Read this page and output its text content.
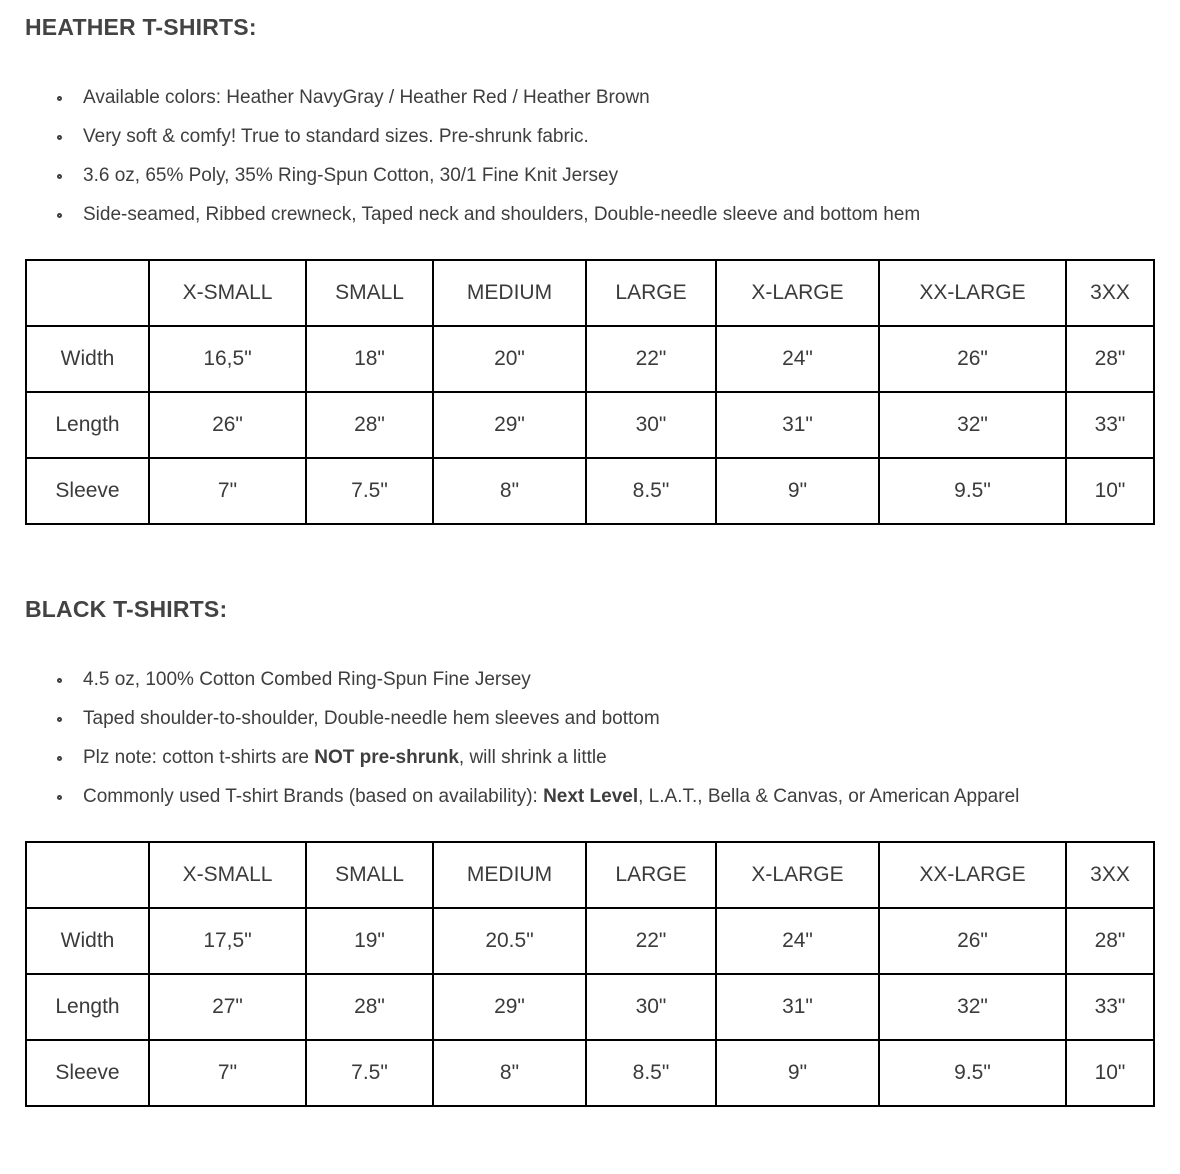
HEATHER T-SHIRTS:
Available colors: Heather NavyGray / Heather Red / Heather Brown
Very soft & comfy! True to standard sizes. Pre-shrunk fabric.
3.6 oz, 65% Poly, 35% Ring-Spun Cotton, 30/1 Fine Knit Jersey
Side-seamed, Ribbed crewneck, Taped neck and shoulders, Double-needle sleeve and bottom hem
	X-SMALL	SMALL	MEDIUM	LARGE	X-LARGE	XX-LARGE	3XX
Width	16,5"	18"	20"	22"	24"	26"	28"
Length	26"	28"	29"	30"	31"	32"	33"
Sleeve	7"	7.5"	8"	8.5"	9"	9.5"	10"
BLACK T-SHIRTS:
4.5 oz, 100% Cotton Combed Ring-Spun Fine Jersey
Taped shoulder-to-shoulder, Double-needle hem sleeves and bottom
Plz note: cotton t-shirts are NOT pre-shrunk, will shrink a little
Commonly used T-shirt Brands (based on availability): Next Level, L.A.T., Bella & Canvas, or American Apparel
	X-SMALL	SMALL	MEDIUM	LARGE	X-LARGE	XX-LARGE	3XX
Width	17,5"	19"	20.5"	22"	24"	26"	28"
Length	27"	28"	29"	30"	31"	32"	33"
Sleeve	7"	7.5"	8"	8.5"	9"	9.5"	10"
